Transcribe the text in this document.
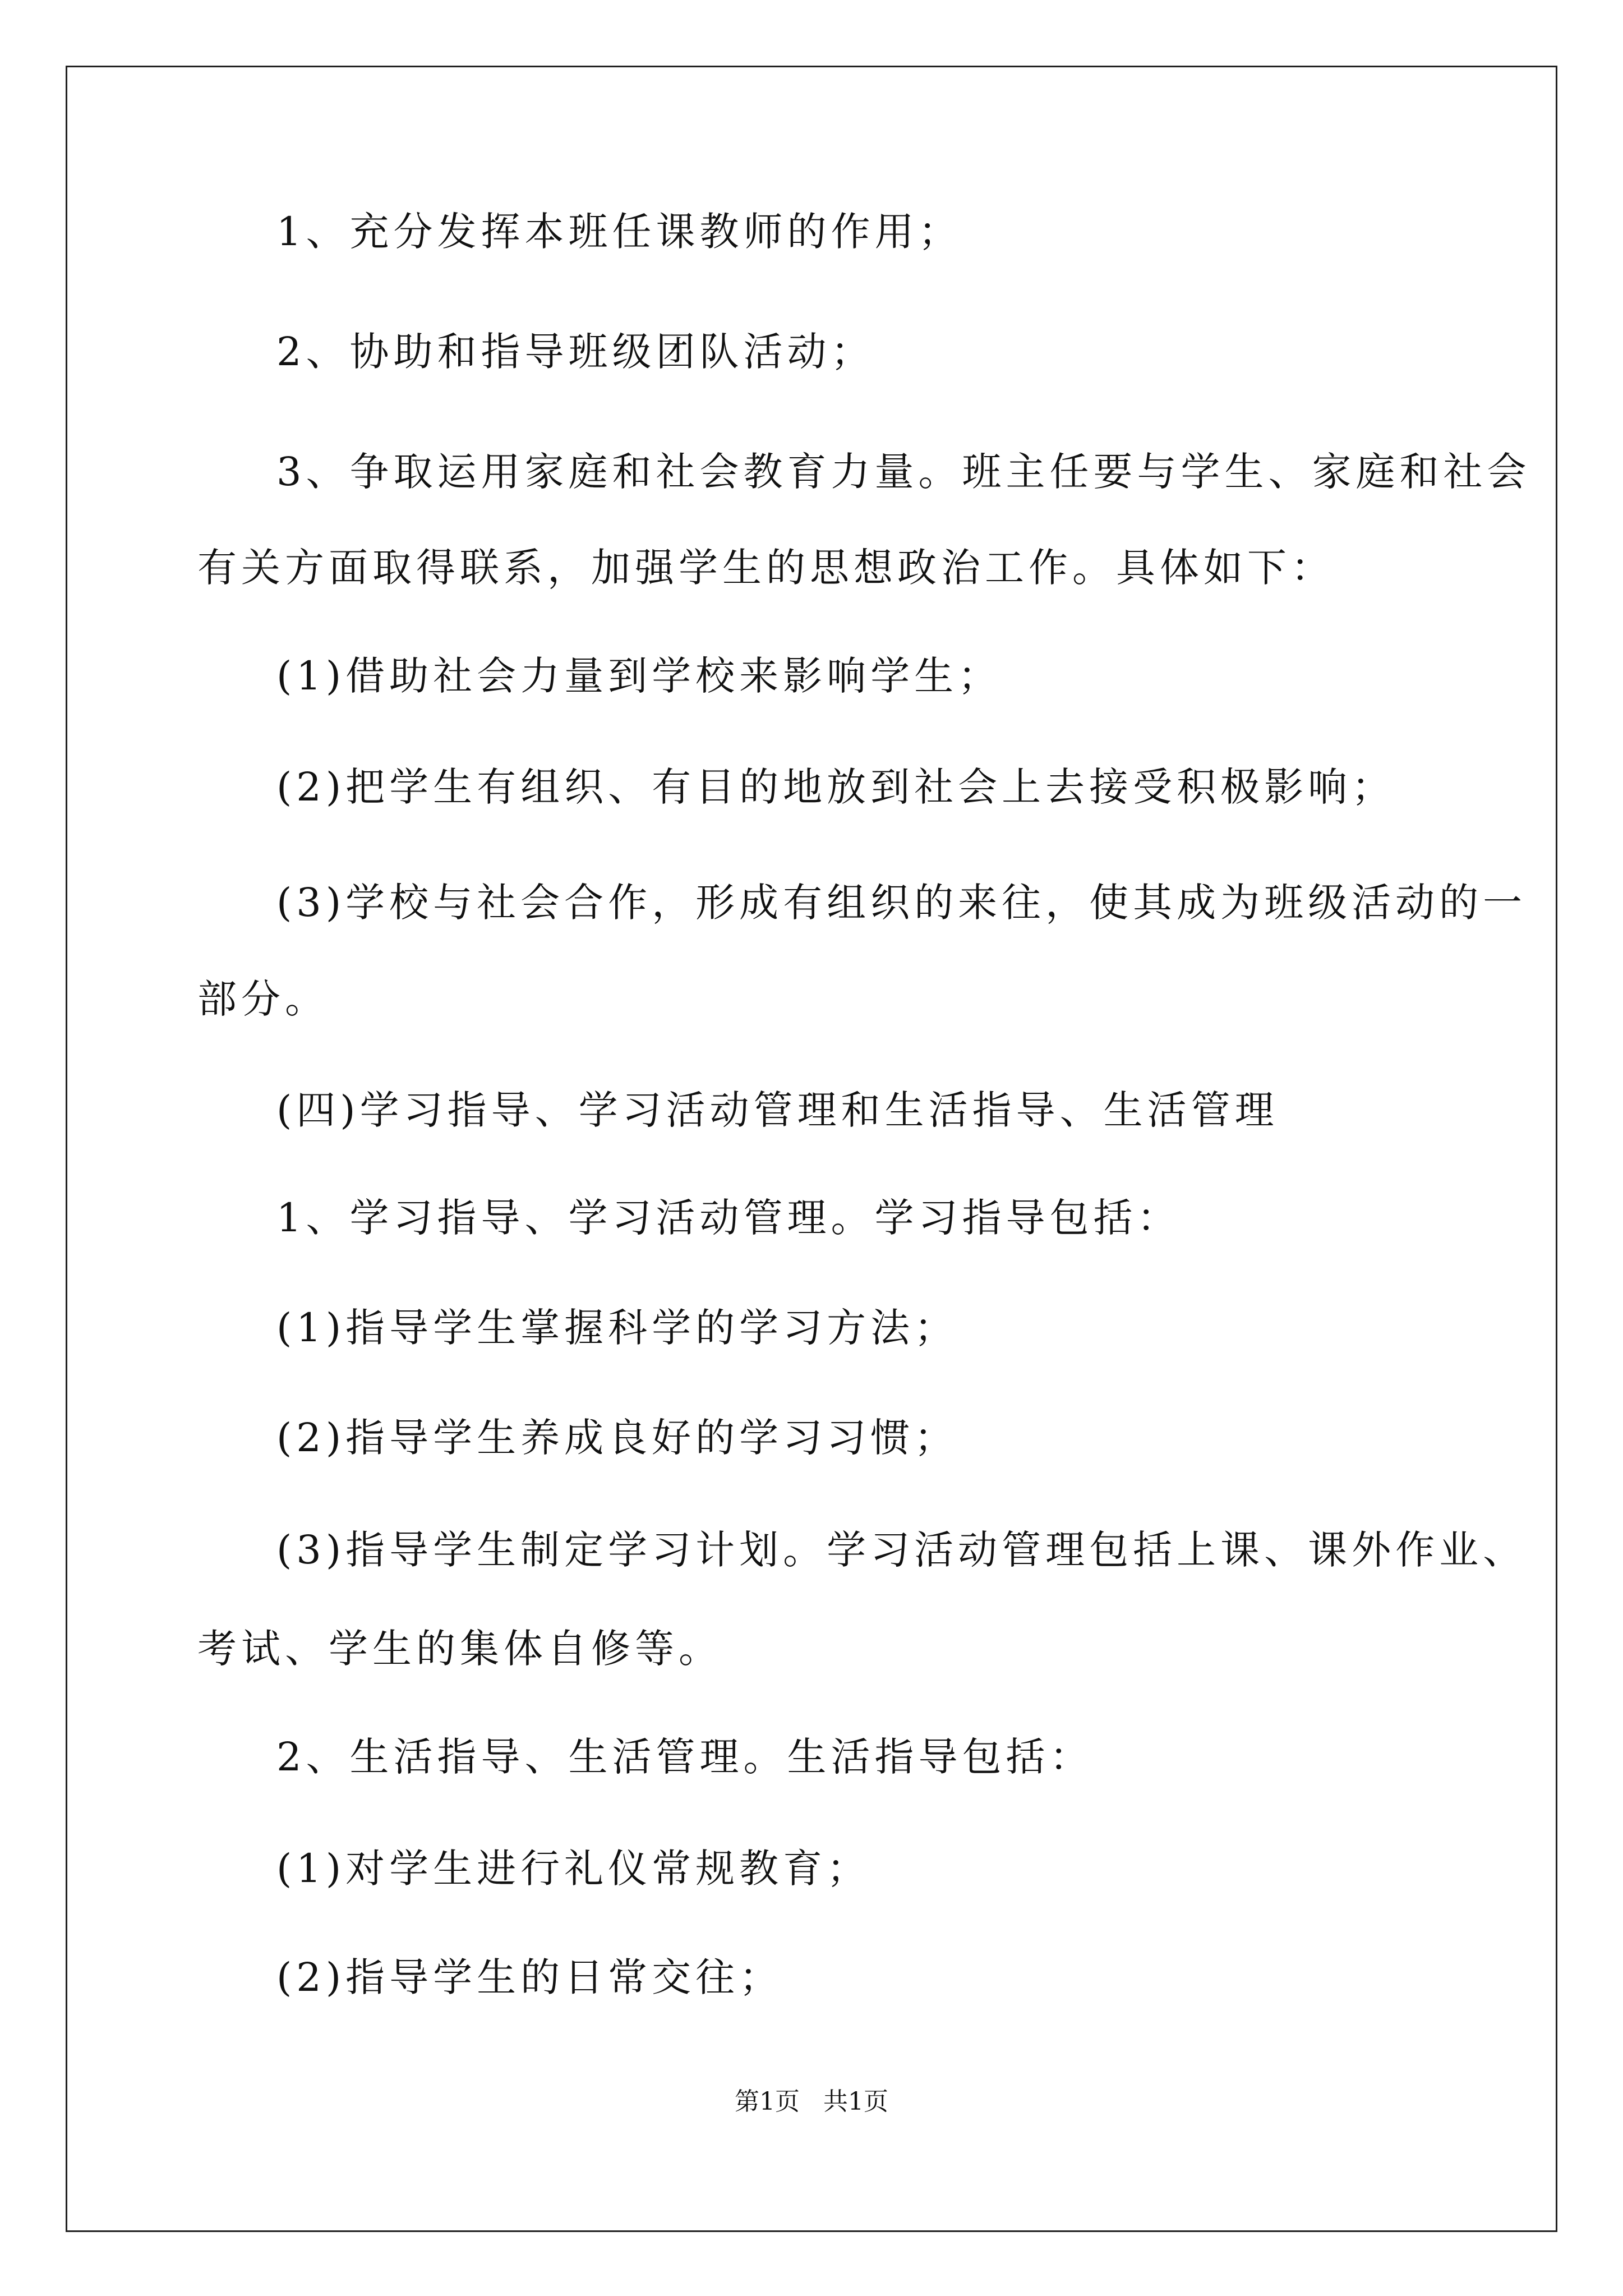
1、充分发挥本班任课教师的作用；
2、协助和指导班级团队活动；
3、争取运用家庭和社会教育力量。班主任要与学生、家庭和社会
有关方面取得联系，加强学生的思想政治工作。具体如下：
(1)借助社会力量到学校来影响学生；
(2)把学生有组织、有目的地放到社会上去接受积极影响；
(3)学校与社会合作，形成有组织的来往，使其成为班级活动的一
部分。
(四)学习指导、学习活动管理和生活指导、生活管理
1、学习指导、学习活动管理。学习指导包括：
(1)指导学生掌握科学的学习方法；
(2)指导学生养成良好的学习习惯；
(3)指导学生制定学习计划。学习活动管理包括上课、课外作业、
考试、学生的集体自修等。
2、生活指导、生活管理。生活指导包括：
(1)对学生进行礼仪常规教育；
(2)指导学生的日常交往；
第1页   共1页
